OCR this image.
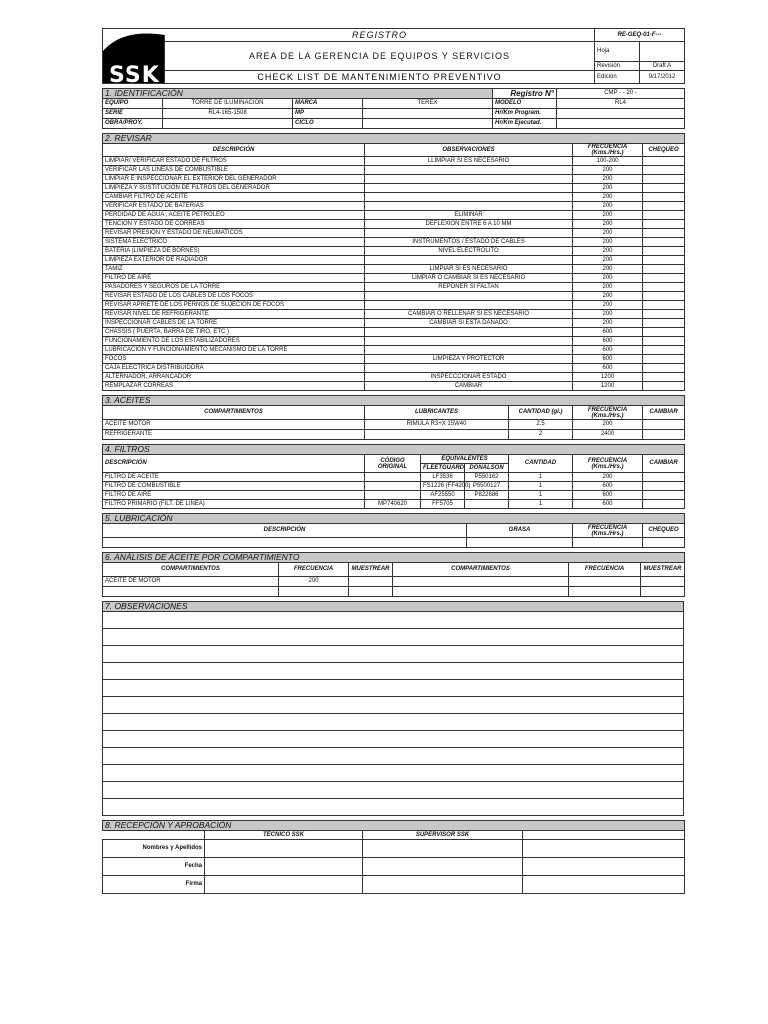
SSK	REGISTRO	RE-GEQ-01-F---	
	AREA DE LA GERENCIA DE EQUIPOS Y SERVICIOS	Hoja	
		Revisión	Draft A
	CHECK LIST DE MANTENIMIENTO PREVENTIVO	Edición	9/17/2012
1. IDENTIFICACIÓN				Registro N°	CMP - - 20 -
EQUIPO	TORRE DE ILUMINACION	MARCA	TEREX	MODELO	RL4
SERIE	RL4-165-1508	MP		Hr/Km Program.	
OBRA/PROY.		CICLO		Hr/Km Ejecutad.	
2. REVISAR			
DESCRIPCIÓN	OBSERVACIONES	FRECUENCIA (Kms./Hrs.)	CHEQUEO
LIMPIAR/ VERIFICAR ESTADO DE FILTROS	LLIMPIAR SI ES NECESARIO	100-200	
VERIFICAR LAS LINEAS DE COMBUSTIBLE		200	
LIMPIAR E INSPECCIONAR EL EXTERIOR DEL GENERADOR		200	
LIMPIEZA Y SUSTITUCIÓN DE FILTROS DEL GENERADOR		200	
CAMBIAR FILTRO DE ACEITE		200	
VERIFICAR ESTADO DE BATERIAS		200	
PERDIDAD DE AGUA , ACEITE PETROLEO	ELIMINAR	200	
TENCION Y ESTADO DE CORREAS	DEFLEXION ENTRE 6 A 10 MM	200	
REVISAR PRESION Y ESTADO DE NEUMATICOS		200	
SISTEMA ELECTRICO	INSTRUMENTOS / ESTADO DE CABLES	200	
BATERIA (LIMPIEZA DE BORNES)	NIVEL ELECTROLITO	200	
LIMPIEZA EXTERIOR DE RADIADOR		200	
TAMIZ	LIMPIAR SI ES NECESARIO	200	
FILTRO DE AIRE	LIMPIAR O CAMBIAR SI ES NECESARIO	200	
PASADORES Y SEGUROS DE LA TORRE	REPONER SI FALTAN	200	
REVISAR ESTADO DE LOS CABLES DE LOS FOCOS		200	
REVISAR APRIETE DE LOS PERNOS DE SUJECION DE FOCOS		200	
REVISAR NIVEL DE REFRIGERANTE	CAMBIAR O RELLENAR SI ES NECESARIO	200	
INSPECCIONAR CABLES DE LA TORRE	CAMBIAR SI ESTA DAÑADO	200	
CHASSIS ( PUERTA, BARRA DE TIRO, ETC )		600	
FUNCIONAMIENTO DE LOS ESTABILIZADORES		600	
LUBRICACION Y FUNCIONAMIENTO MECANISMO DE LA TORRE		600	
FOCOS	LIMPIEZA Y PROTECTOR	600	
CAJA ELECTRICA DISTRIBUIDORA		600	
ALTERNADOR, ARRANCADOR	INSPECCCIONAR ESTADO	1200	
REMPLAZAR CORREAS	CAMBIAR	1200	
3. ACEITES				
COMPARTIMIENTOS	LUBRICANTES	CANTIDAD (gl.)	FRECUENCIA (Kms./Hrs.)	CAMBIAR
ACEITE MOTOR	RIMULA R3+X 15W40	2.5	200	
REFRIGERANTE		2	2400	
4. FILTROS						
DESCRIPCIÓN	CÓDIGO ORIGINAL	EQUIVALENTES		CANTIDAD	FRECUENCIA (Kms./Hrs.)	CAMBIAR
		FLEETGUARD	DONALSON			
FILTRO DE ACEITE		LF3536	P550162	1	200	
FILTRO DE COMBUSTIBLE		FS1226 (FF4200)	P5500127	1	600	
FILTRO DE AIRE		AF25550	P822686	1	600	
FILTRO PRIMARIO (FILT. DE LINEA)	MP740620	FF5705		1	600	
5. LUBRICACIÓN			
DESCRIPCIÓN	GRASA	FRECUENCIA (Kms./Hrs.)	CHEQUEO

6. ANÁLISIS DE ACEITE POR COMPARTIMIENTO					
COMPARTIMIENTOS	FRECUENCIA	MUESTREAR	COMPARTIMIENTOS	FRECUENCIA	MUESTREAR
ACEITE DE MOTOR	200				

7. OBSERVACIONES

8. RECEPCIÓN Y APROBACIÓN			
	TÉCNICO SSK	SUPERVISOR SSK	
Nombres y Apellidos			
Fecha			
Firma			
